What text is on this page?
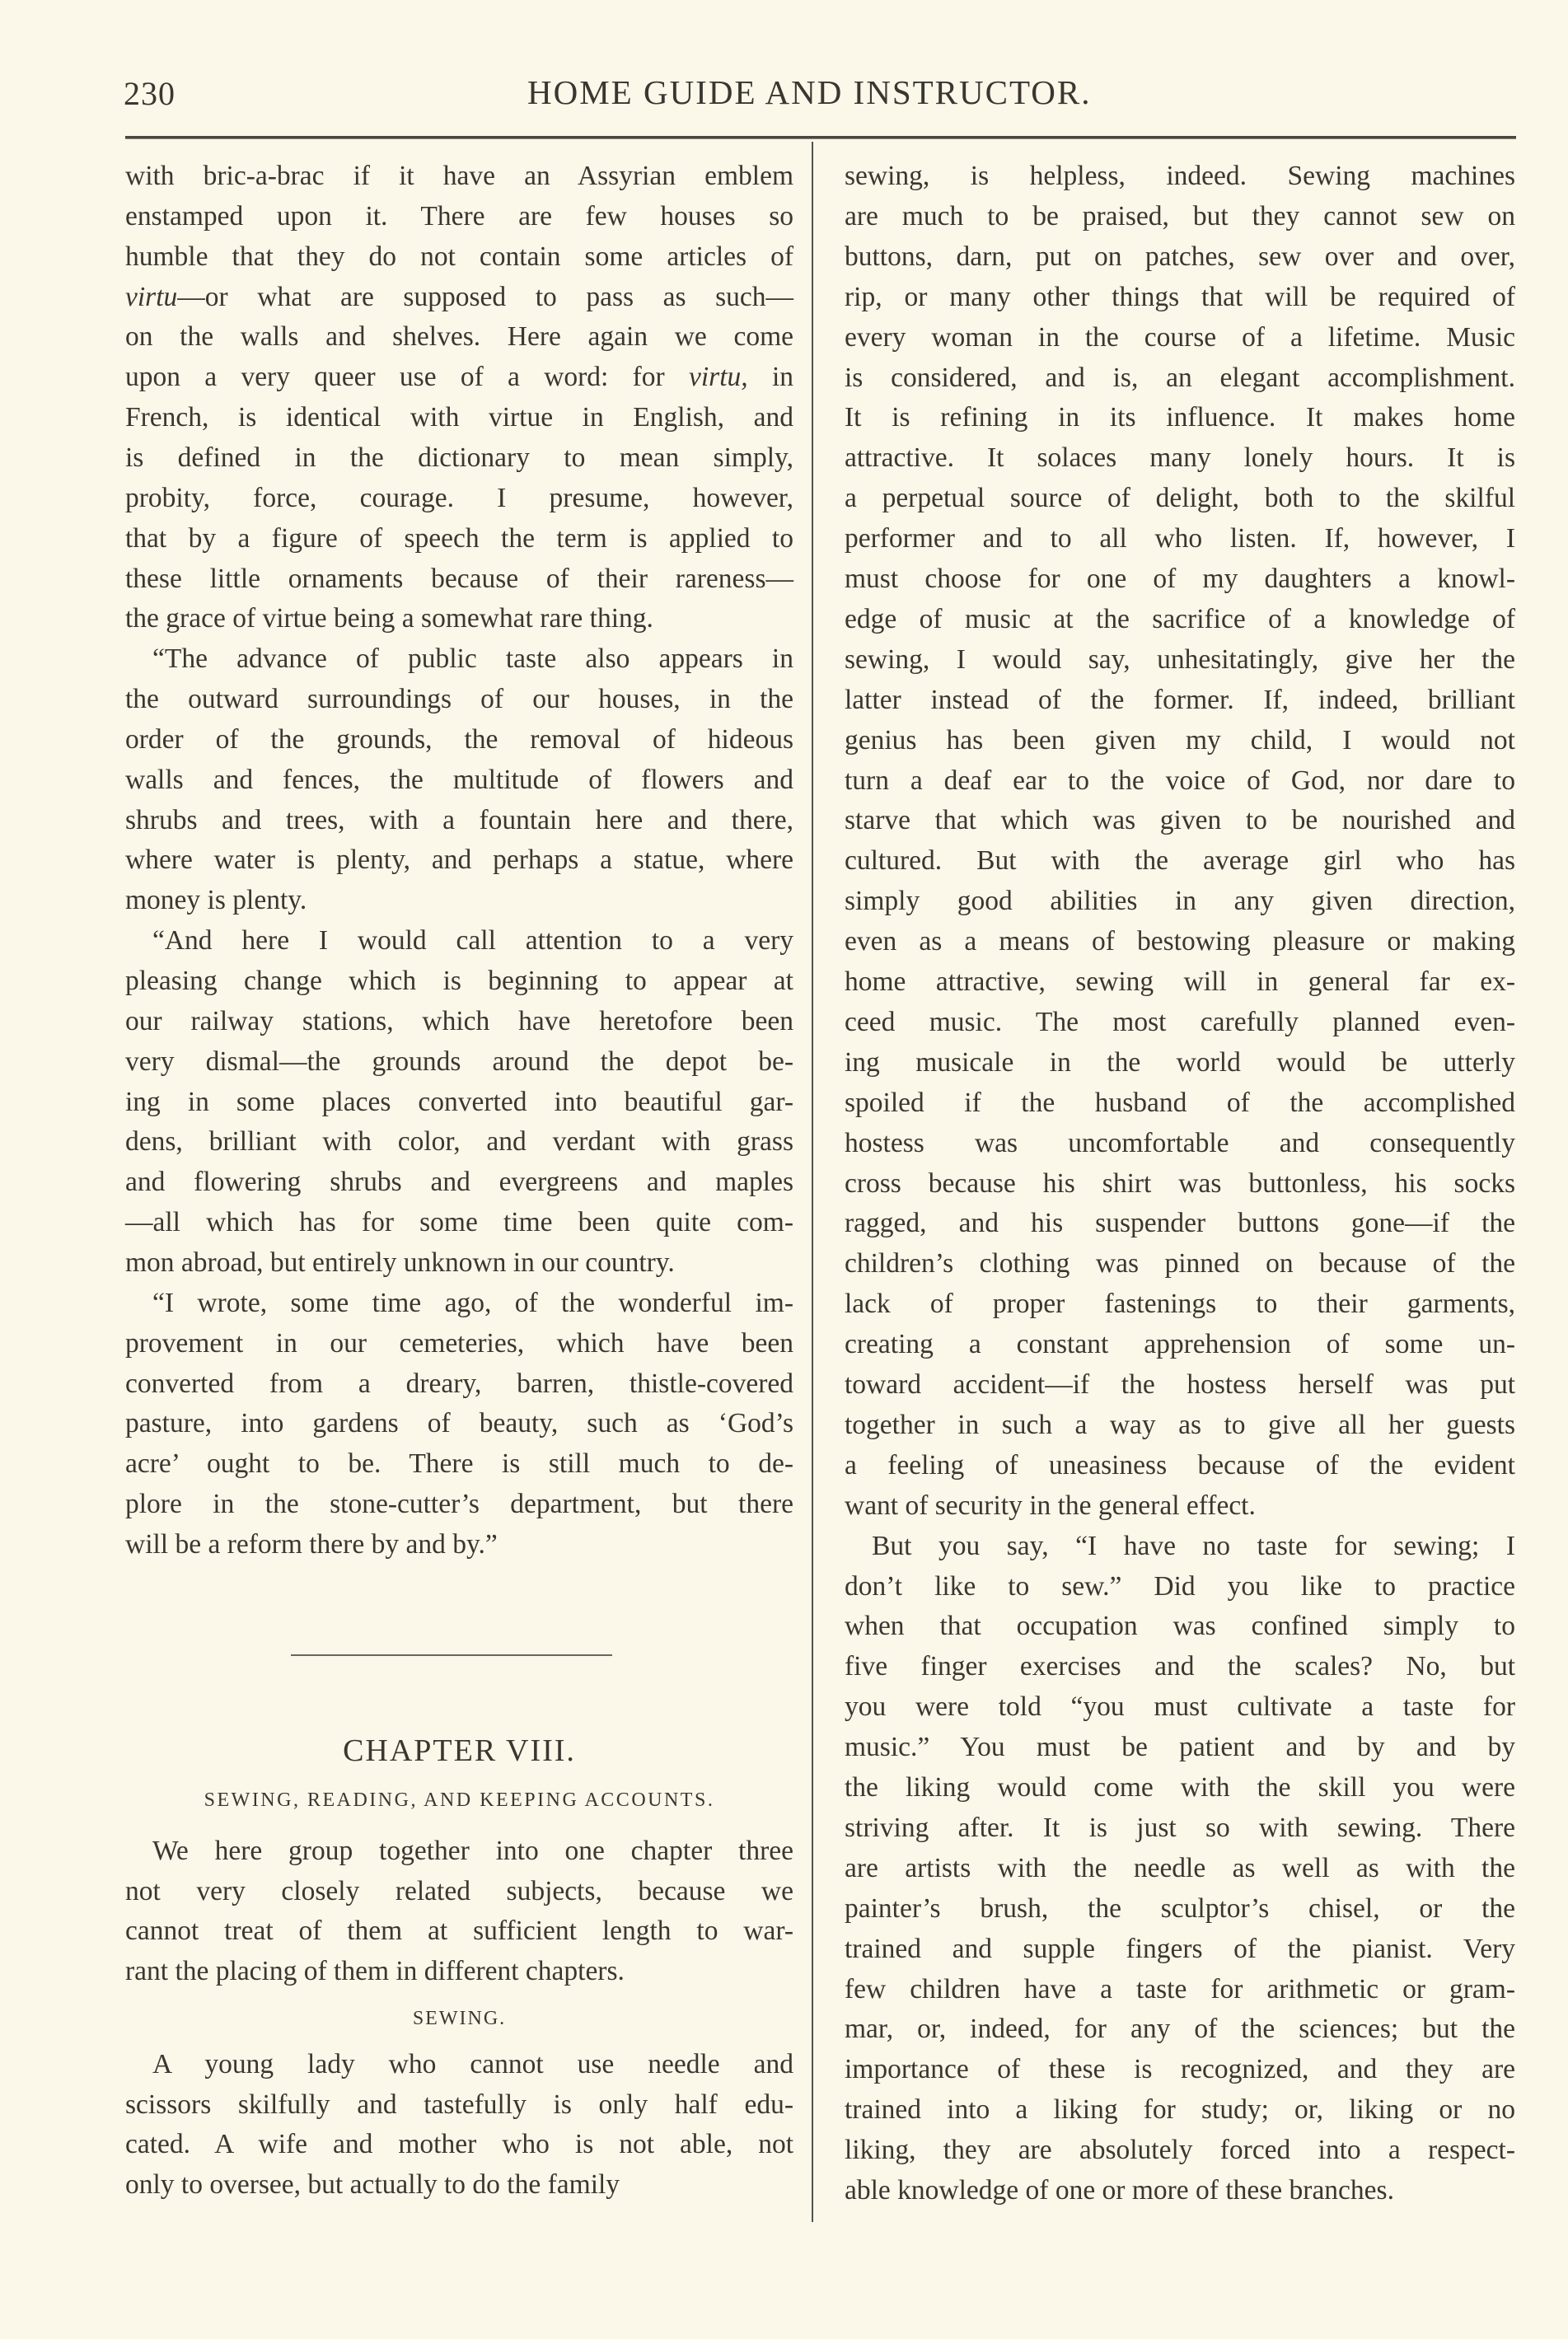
230	HOME GUIDE AND INSTRUCTOR.
with bric-a-brac if it have an Assyrian emblem
enstamped upon it. There are few houses so
humble that they do not contain some articles of
virtu—or what are supposed to pass as such—
on the walls and shelves. Here again we come
upon a very queer use of a word: for virtu, in
French, is identical with virtue in English, and
is defined in the dictionary to mean simply,
probity, force, courage. I presume, however,
that by a figure of speech the term is applied to
these little ornaments because of their rareness—
the grace of virtue being a somewhat rare thing.
“The advance of public taste also appears in
the outward surroundings of our houses, in the
order of the grounds, the removal of hideous
walls and fences, the multitude of flowers and
shrubs and trees, with a fountain here and there,
where water is plenty, and perhaps a statue, where
money is plenty.
“And here I would call attention to a very
pleasing change which is beginning to appear at
our railway stations, which have heretofore been
very dismal—the grounds around the depot be-
ing in some places converted into beautiful gar-
dens, brilliant with color, and verdant with grass
and flowering shrubs and evergreens and maples
—all which has for some time been quite com-
mon abroad, but entirely unknown in our country.
“I wrote, some time ago, of the wonderful im-
provement in our cemeteries, which have been
converted from a dreary, barren, thistle-covered
pasture, into gardens of beauty, such as ‘God’s
acre’ ought to be. There is still much to de-
plore in the stone-cutter’s department, but there
will be a reform there by and by.”
sewing, is helpless, indeed. Sewing machines
are much to be praised, but they cannot sew on
buttons, darn, put on patches, sew over and over,
rip, or many other things that will be required of
every woman in the course of a lifetime. Music
is considered, and is, an elegant accomplishment.
It is refining in its influence. It makes home
attractive. It solaces many lonely hours. It is
a perpetual source of delight, both to the skilful
performer and to all who listen. If, however, I
must choose for one of my daughters a knowl-
edge of music at the sacrifice of a knowledge of
sewing, I would say, unhesitatingly, give her the
latter instead of the former. If, indeed, brilliant
genius has been given my child, I would not
turn a deaf ear to the voice of God, nor dare to
starve that which was given to be nourished and
cultured. But with the average girl who has
simply good abilities in any given direction,
even as a means of bestowing pleasure or making
home attractive, sewing will in general far ex-
ceed music. The most carefully planned even-
ing musicale in the world would be utterly
spoiled if the husband of the accomplished
hostess was uncomfortable and consequently
cross because his shirt was buttonless, his socks
ragged, and his suspender buttons gone—if the
children’s clothing was pinned on because of the
lack of proper fastenings to their garments,
creating a constant apprehension of some un-
toward accident—if the hostess herself was put
together in such a way as to give all her guests
a feeling of uneasiness because of the evident
want of security in the general effect.
But you say, “I have no taste for sewing; I
don’t like to sew.” Did you like to practice
when that occupation was confined simply to
five finger exercises and the scales? No, but
you were told “you must cultivate a taste for
music.” You must be patient and by and by
the liking would come with the skill you were
striving after. It is just so with sewing. There
are artists with the needle as well as with the
painter’s brush, the sculptor’s chisel, or the
trained and supple fingers of the pianist. Very
few children have a taste for arithmetic or gram-
mar, or, indeed, for any of the sciences; but the
importance of these is recognized, and they are
trained into a liking for study; or, liking or no
liking, they are absolutely forced into a respect-
able knowledge of one or more of these branches.
CHAPTER VIII.
SEWING, READING, AND KEEPING ACCOUNTS.
We here group together into one chapter three
not very closely related subjects, because we
cannot treat of them at sufficient length to war-
rant the placing of them in different chapters.
SEWING.
A young lady who cannot use needle and
scissors skilfully and tastefully is only half edu-
cated. A wife and mother who is not able, not
only to oversee, but actually to do the family
